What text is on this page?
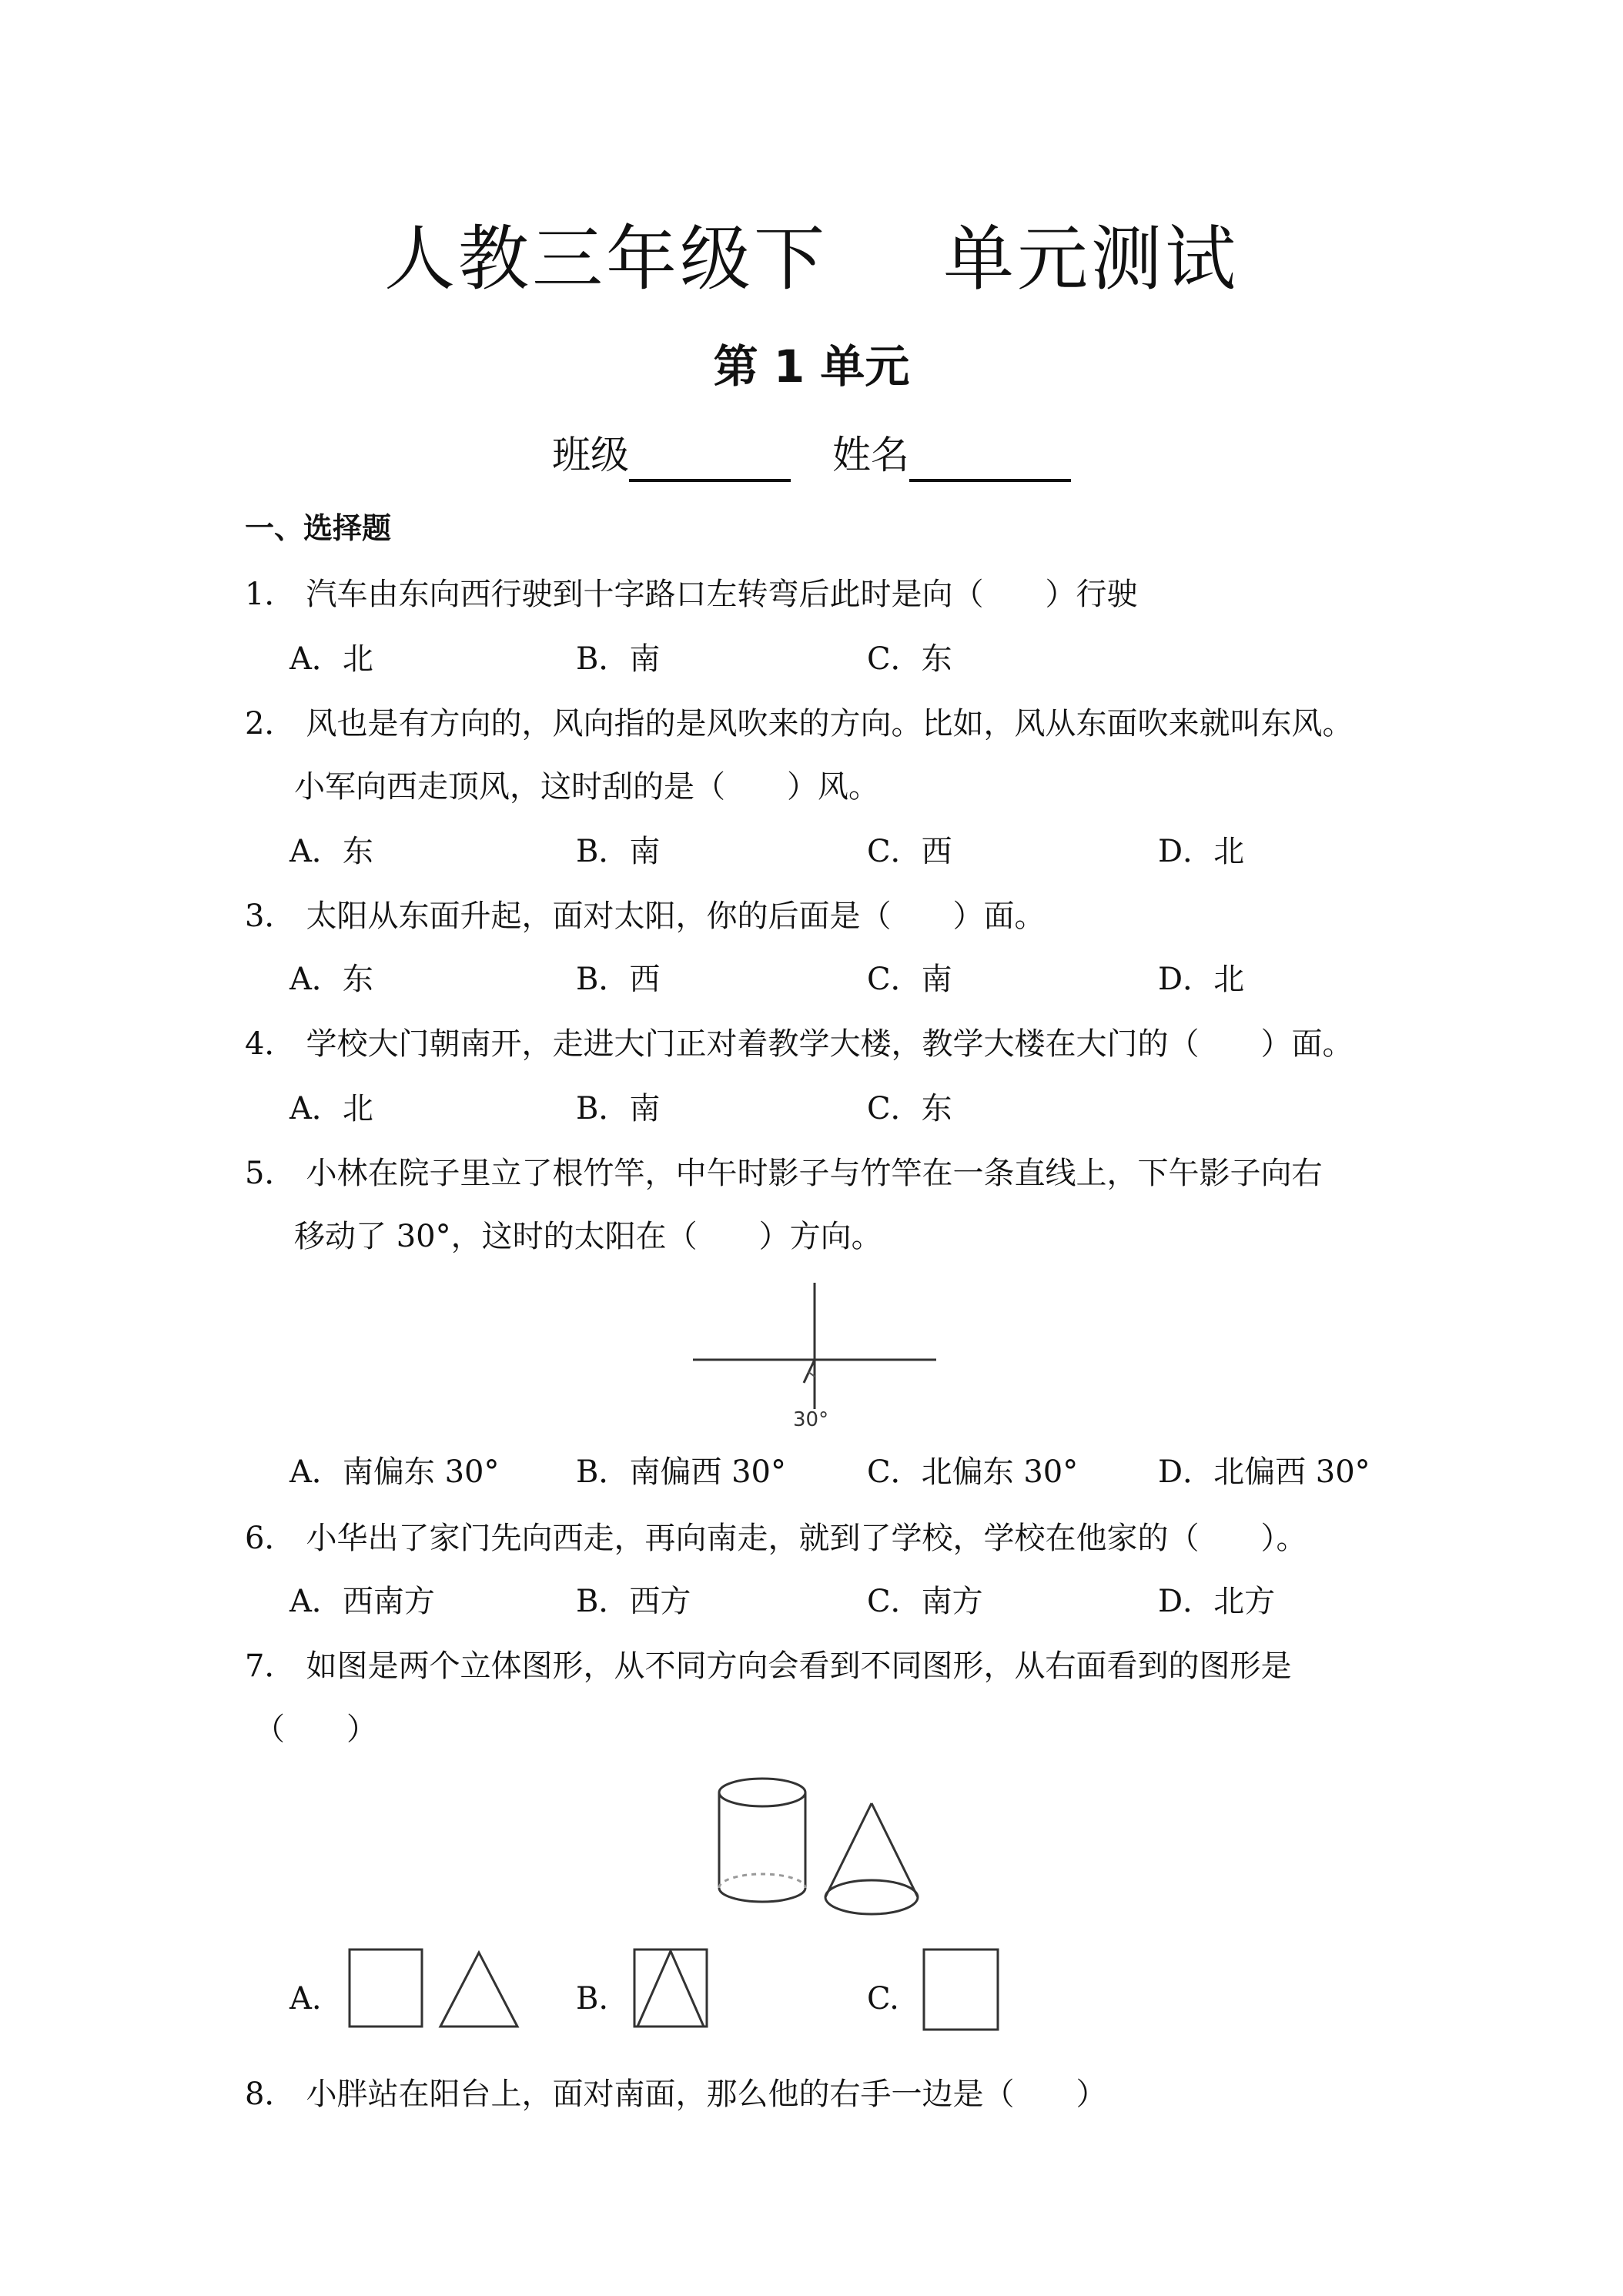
人教三年级下 单元测试
第 1 单元
班级	姓名
一、选择题
1． 汽车由东向西行驶到十字路口左转弯后此时是向（　　）行驶
A．北	B．南	C．东
2． 风也是有方向的，风向指的是风吹来的方向。比如，风从东面吹来就叫东风。
小军向西走顶风，这时刮的是（　　）风。
A．东	B．南	C．西	D．北
3． 太阳从东面升起，面对太阳，你的后面是（　　）面。
A．东	B．西	C．南	D．北
4． 学校大门朝南开，走进大门正对着教学大楼，教学大楼在大门的（　　）面。
A．北	B．南	C．东
5． 小林在院子里立了根竹竿，中午时影子与竹竿在一条直线上，下午影子向右
移动了 30°，这时的太阳在（　　）方向。
30°
A．南偏东 30° B．南偏西 30°	C．北偏东 30°	D．北偏西 30°
6． 小华出了家门先向西走，再向南走，就到了学校，学校在他家的（　　）。
A．西南方	B．西方	C．南方	D．北方
7． 如图是两个立体图形，从不同方向会看到不同图形，从右面看到的图形是
（　　）
A.	B.	C.
8． 小胖站在阳台上，面对南面，那么他的右手一边是（　　）
